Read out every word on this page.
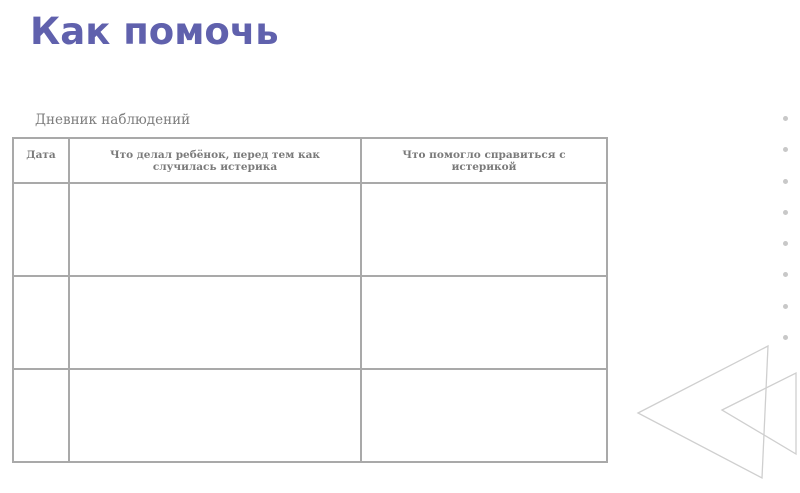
Как помочь
Дневник наблюдений
Дата	Что делал ребёнок, перед тем как случилась истерика	Что помогло справиться с истерикой
